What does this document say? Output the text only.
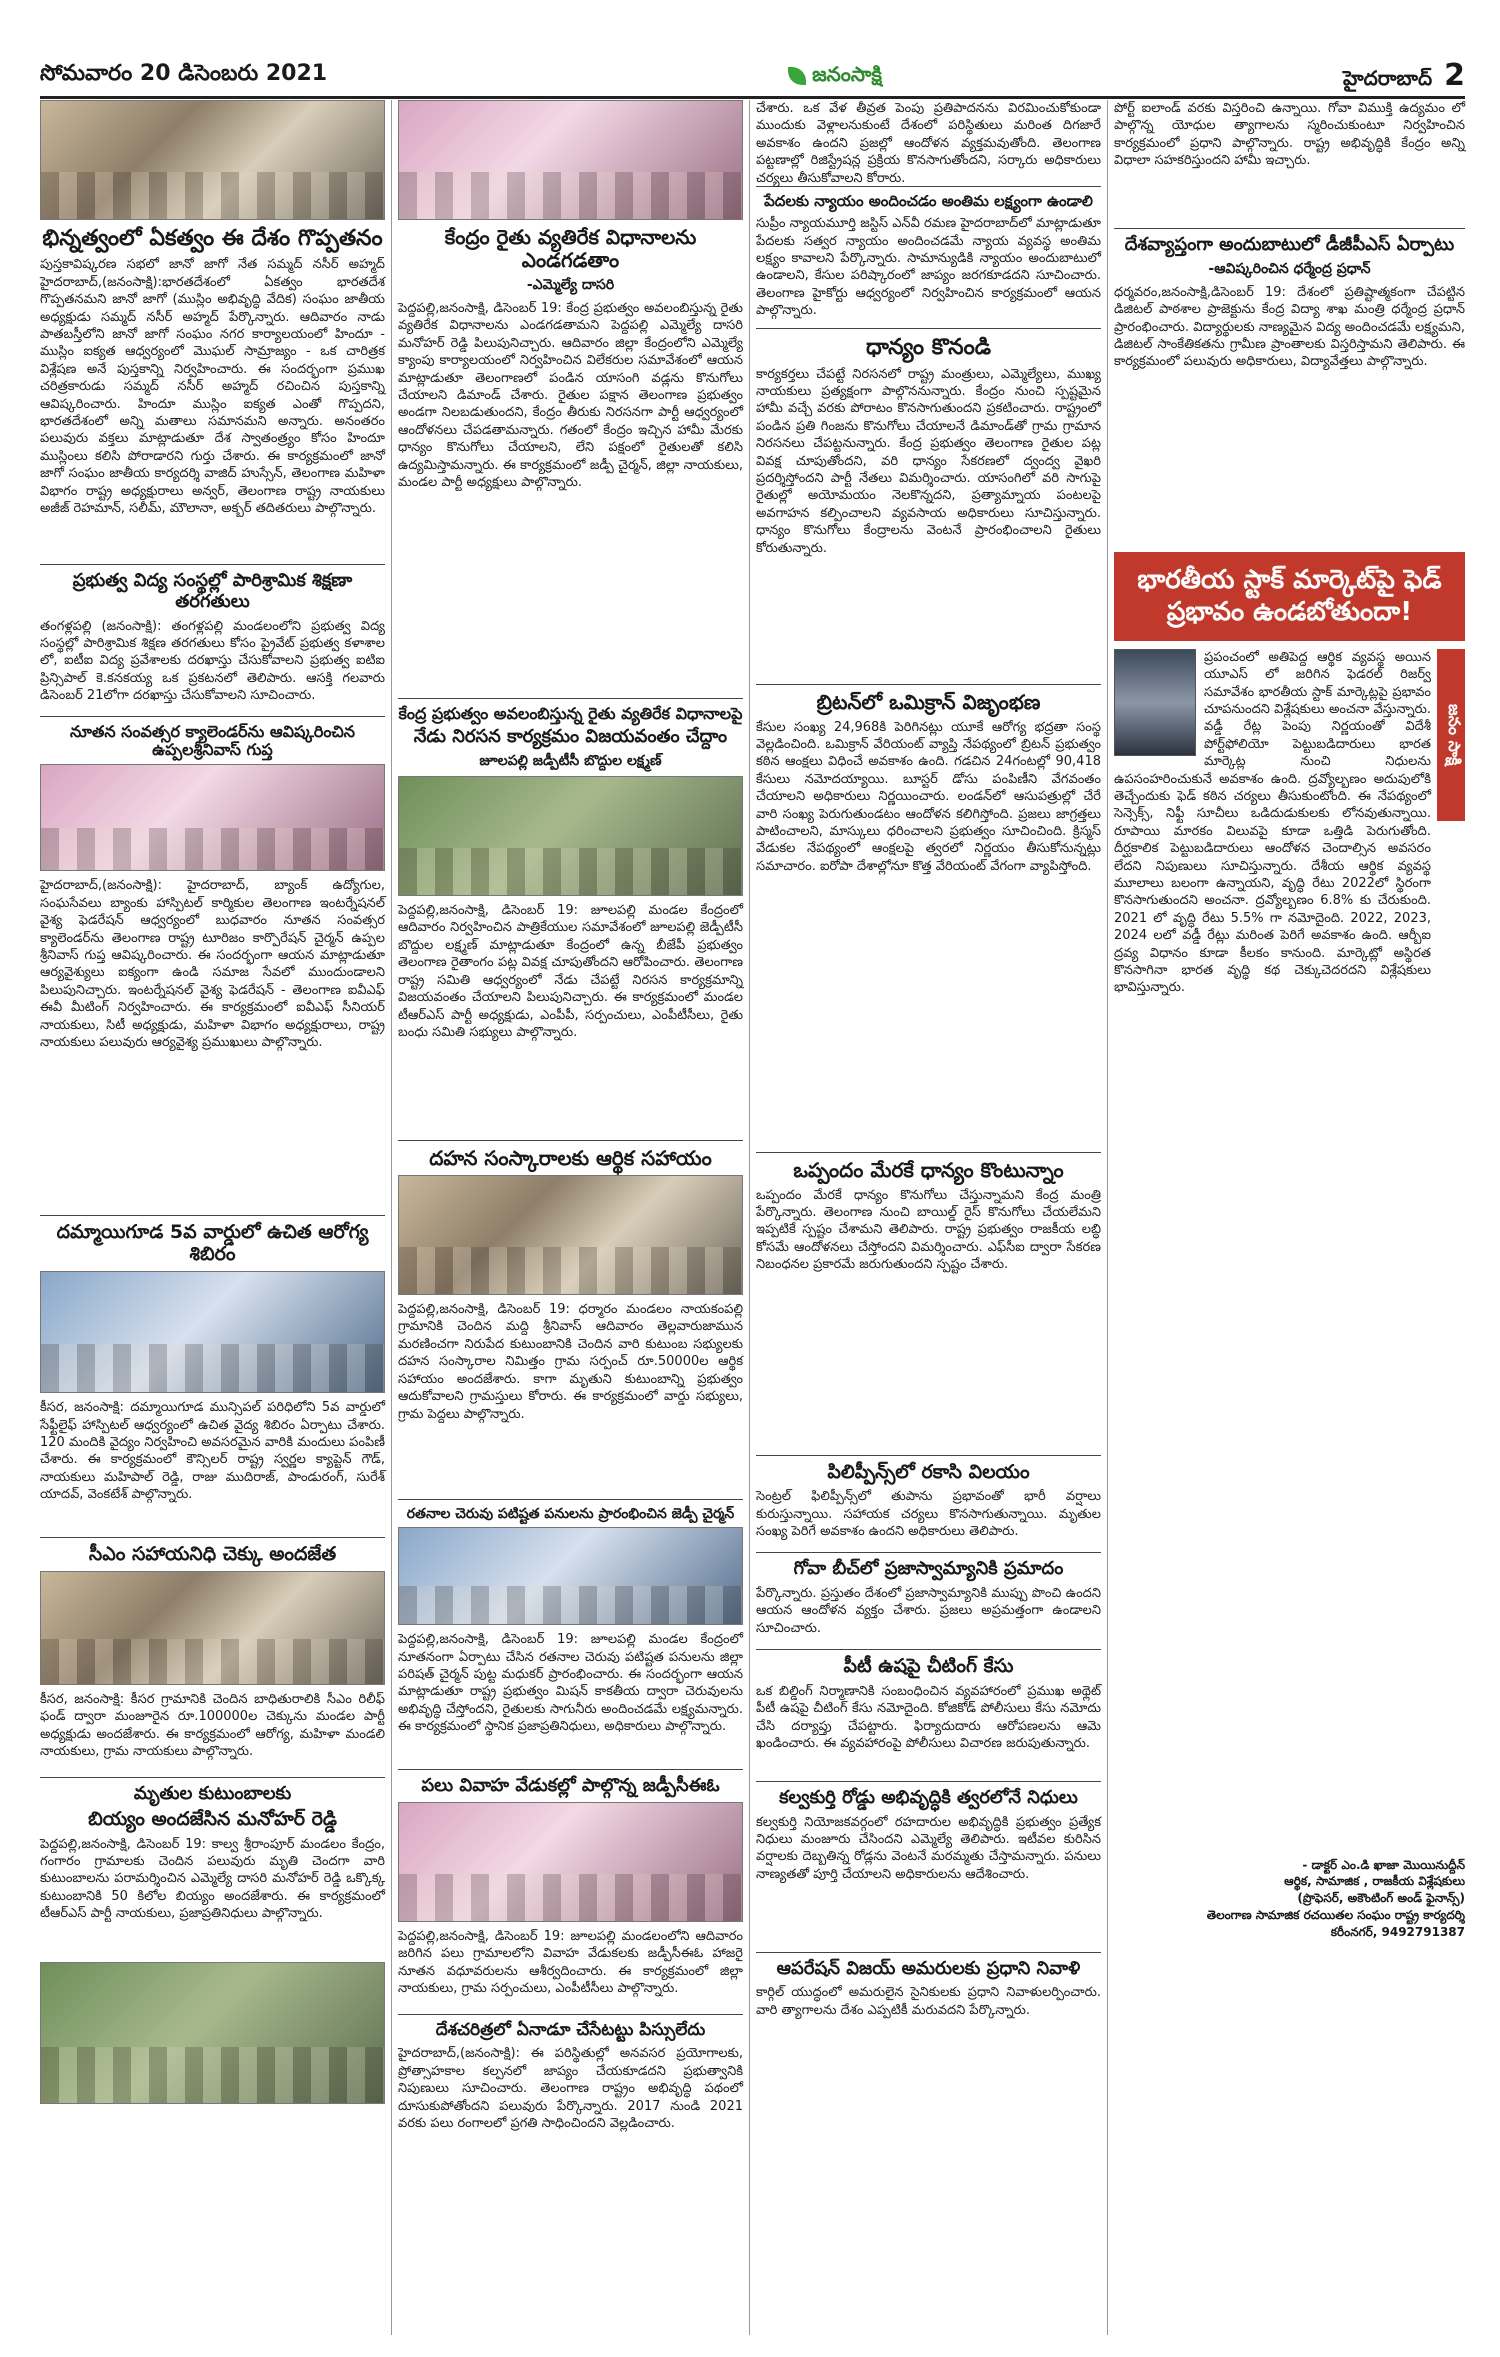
సోమవారం 20 డిసెంబరు 2021	జనంసాక్షి	హైదరాబాద్ 2
భిన్నత్వంలో ఏకత్వం ఈ దేశం గొప్పతనం
పుస్తకావిష్కరణ సభలో జానో జాగో నేత సమ్మద్ నసీర్ అహ్మద్ హైదరాబాద్,(జనంసాక్షి):భారతదేశంలో ఏకత్వం భారతదేశ గొప్పతనమని జానో జాగో (ముస్లిం అభివృద్ధి వేదిక) సంఘం జాతీయ అధ్యక్షుడు సమ్మద్ నసీర్ అహ్మద్ పేర్కొన్నారు. ఆదివారం నాడు పాతబస్తీలోని జానో జాగో సంఘం నగర కార్యాలయంలో హిందూ - ముస్లిం ఐక్యత ఆధ్వర్యంలో మొఘల్ సామ్రాజ్యం - ఒక చారిత్రక విశ్లేషణ అనే పుస్తకాన్ని నిర్వహించారు. ఈ సందర్భంగా ప్రముఖ చరిత్రకారుడు సమ్మద్ నసీర్ అహ్మద్ రచించిన పుస్తకాన్ని ఆవిష్కరించారు. హిందూ ముస్లిం ఐక్యత ఎంతో గొప్పదని, భారతదేశంలో అన్ని మతాలు సమానమని అన్నారు. అనంతరం పలువురు వక్తలు మాట్లాడుతూ దేశ స్వాతంత్ర్యం కోసం హిందూ ముస్లింలు కలిసి పోరాడారని గుర్తు చేశారు. ఈ కార్యక్రమంలో జానో జాగో సంఘం జాతీయ కార్యదర్శి వాజిద్ హుస్సేన్, తెలంగాణ మహిళా విభాగం రాష్ట్ర అధ్యక్షురాలు అన్వర్‌, తెలంగాణ రాష్ట్ర నాయకులు అజీజ్ రెహమాన్, సలీమ్, మౌలానా, అక్బర్ తదితరులు పాల్గొన్నారు.
ప్రభుత్వ విద్య సంస్థల్లో పారిశ్రామిక శిక్షణా తరగతులు
తంగళ్లపల్లి (జనంసాక్షి): తంగళ్లపల్లి మండలంలోని ప్రభుత్వ విద్య సంస్థల్లో పారిశ్రామిక శిక్షణ తరగతులు కోసం ప్రైవేట్ ప్రభుత్వ కళాశాల లో, ఐటీఐ విద్య ప్రవేశాలకు దరఖాస్తు చేసుకోవాలని ప్రభుత్వ ఐటిఐ ప్రిన్సిపాల్ కె.కనకయ్య ఒక ప్రకటనలో తెలిపారు. ఆసక్తి గలవారు డిసెంబర్ 21లోగా దరఖాస్తు చేసుకోవాలని సూచించారు.
నూతన సంవత్సర క్యాలెండర్‌ను ఆవిష్కరించిన ఉప్పలశ్రీనివాస్ గుప్త
హైదరాబాద్,(జనంసాక్షి): హైదరాబాద్, బ్యాంక్ ఉద్యోగుల, సంఘసేవలు బ్యాంకు హాస్పిటల్ కార్మికుల తెలంగాణ ఇంటర్నేషనల్ వైశ్య ఫెడరేషన్ ఆధ్వర్యంలో బుధవారం నూతన సంవత్సర క్యాలెండర్‌ను తెలంగాణ రాష్ట్ర టూరిజం కార్పొరేషన్ చైర్మన్ ఉప్పల శ్రీనివాస్ గుప్త ఆవిష్కరించారు. ఈ సందర్భంగా ఆయన మాట్లాడుతూ ఆర్యవైశ్యులు ఐక్యంగా ఉండి సమాజ సేవలో ముందుండాలని పిలుపునిచ్చారు. ఇంటర్నేషనల్ వైశ్య ఫెడరేషన్ - తెలంగాణ ఐవీఎఫ్ ఈవీ మీటింగ్ నిర్వహించారు. ఈ కార్యక్రమంలో ఐవీఎఫ్ సీనియర్ నాయకులు, సిటీ అధ్యక్షుడు, మహిళా విభాగం అధ్యక్షురాలు, రాష్ట్ర నాయకులు పలువురు ఆర్యవైశ్య ప్రముఖులు పాల్గొన్నారు.
దమ్మాయిగూడ 5వ వార్డులో ఉచిత ఆరోగ్య శిబిరం
కీసర, జనంసాక్షి: దమ్మాయిగూడ మున్సిపల్ పరిధిలోని 5వ వార్డులో సేఫ్టీలైఫ్ హాస్పిటల్ ఆధ్వర్యంలో ఉచిత వైద్య శిబిరం ఏర్పాటు చేశారు. 120 మందికి వైద్యం నిర్వహించి అవసరమైన వారికి మందులు పంపిణీ చేశారు. ఈ కార్యక్రమంలో కౌన్సిలర్ రాష్ట్ర స్వర్ణల క్యాప్టెన్ గౌడ్, నాయకులు మహిపాల్ రెడ్డి, రాజు ముదిరాజ్, పాండురంగ్, సురేశ్ యాదవ్, వెంకటేశ్ పాల్గొన్నారు.
సీఎం సహాయనిధి చెక్కు అందజేత
కీసర, జనంసాక్షి: కీసర గ్రామానికి చెందిన బాధితురాలికి సీఎం రిలీఫ్ ఫండ్ ద్వారా మంజూరైన రూ.100000ల చెక్కును మండల పార్టీ అధ్యక్షుడు అందజేశారు. ఈ కార్యక్రమంలో ఆరోగ్య, మహిళా మండలి నాయకులు, గ్రామ నాయకులు పాల్గొన్నారు.
మృతుల కుటుంబాలకు
బియ్యం అందజేసిన మనోహర్ రెడ్డి
పెద్దపల్లి,జనంసాక్షి, డిసెంబర్ 19: కాల్వ శ్రీరాంపూర్ మండలం కేంద్రం, గంగారం గ్రామాలకు చెందిన పలువురు మృతి చెందగా వారి కుటుంబాలను పరామర్శించిన ఎమ్మెల్యే దాసరి మనోహర్ రెడ్డి ఒక్కొక్క కుటుంబానికి 50 కిలోల బియ్యం అందజేశారు. ఈ కార్యక్రమంలో టీఆర్ఎస్ పార్టీ నాయకులు, ప్రజాప్రతినిధులు పాల్గొన్నారు.
కేంద్రం రైతు వ్యతిరేక విధానాలను ఎండగడతాం
-ఎమ్మెల్యే దాసరి
పెద్దపల్లి,జనంసాక్షి, డిసెంబర్ 19: కేంద్ర ప్రభుత్వం అవలంబిస్తున్న రైతు వ్యతిరేక విధానాలను ఎండగడతామని పెద్దపల్లి ఎమ్మెల్యే దాసరి మనోహర్ రెడ్డి పిలుపునిచ్చారు. ఆదివారం జిల్లా కేంద్రంలోని ఎమ్మెల్యే క్యాంపు కార్యాలయంలో నిర్వహించిన విలేకరుల సమావేశంలో ఆయన మాట్లాడుతూ తెలంగాణలో పండిన యాసంగి వడ్లను కొనుగోలు చేయాలని డిమాండ్ చేశారు. రైతుల పక్షాన తెలంగాణ ప్రభుత్వం అండగా నిలబడుతుందని, కేంద్రం తీరుకు నిరసనగా పార్టీ ఆధ్వర్యంలో ఆందోళనలు చేపడతామన్నారు. గతంలో కేంద్రం ఇచ్చిన హామీ మేరకు ధాన్యం కొనుగోలు చేయాలని, లేని పక్షంలో రైతులతో కలిసి ఉద్యమిస్తామన్నారు. ఈ కార్యక్రమంలో జడ్పీ చైర్మన్, జిల్లా నాయకులు, మండల పార్టీ అధ్యక్షులు పాల్గొన్నారు.
కేంద్ర ప్రభుత్వం అవలంబిస్తున్న రైతు వ్యతిరేక విధానాలపై
నేడు నిరసన కార్యక్రమం విజయవంతం చేద్దాం
జూలపల్లి జడ్పీటీసీ బొద్దుల లక్ష్మణ్
పెద్దపల్లి,జనంసాక్షి, డిసెంబర్ 19: జూలపల్లి మండల కేంద్రంలో ఆదివారం నిర్వహించిన పాత్రికేయుల సమావేశంలో జూలపల్లి జెడ్పీటీసీ బొద్దుల లక్ష్మణ్ మాట్లాడుతూ కేంద్రంలో ఉన్న బీజేపీ ప్రభుత్వం తెలంగాణ రైతాంగం పట్ల వివక్ష చూపుతోందని ఆరోపించారు. తెలంగాణ రాష్ట్ర సమితి ఆధ్వర్యంలో నేడు చేపట్టే నిరసన కార్యక్రమాన్ని విజయవంతం చేయాలని పిలుపునిచ్చారు. ఈ కార్యక్రమంలో మండల టీఆర్ఎస్ పార్టీ అధ్యక్షుడు, ఎంపీపీ, సర్పంచులు, ఎంపీటీసీలు, రైతు బంధు సమితి సభ్యులు పాల్గొన్నారు.
దహన సంస్కారాలకు ఆర్థిక సహాయం
పెద్దపల్లి,జనంసాక్షి, డిసెంబర్ 19: ధర్మారం మండలం నాయకంపల్లి గ్రామానికి చెందిన మద్ది శ్రీనివాస్ ఆదివారం తెల్లవారుజామున మరణించగా నిరుపేద కుటుంబానికి చెందిన వారి కుటుంబ సభ్యులకు దహన సంస్కారాల నిమిత్తం గ్రామ సర్పంచ్ రూ.50000ల ఆర్థిక సహాయం అందజేశారు. కాగా మృతుని కుటుంబాన్ని ప్రభుత్వం ఆదుకోవాలని గ్రామస్తులు కోరారు. ఈ కార్యక్రమంలో వార్డు సభ్యులు, గ్రామ పెద్దలు పాల్గొన్నారు.
రతనాల చెరువు పటిష్టత పనులను ప్రారంభించిన జెడ్పీ చైర్మన్
పెద్దపల్లి,జనంసాక్షి, డిసెంబర్ 19: జూలపల్లి మండల కేంద్రంలో నూతనంగా ఏర్పాటు చేసిన రతనాల చెరువు పటిష్టత పనులను జిల్లా పరిషత్ చైర్మన్ పుట్ట మధుకర్ ప్రారంభించారు. ఈ సందర్భంగా ఆయన మాట్లాడుతూ రాష్ట్ర ప్రభుత్వం మిషన్ కాకతీయ ద్వారా చెరువులను అభివృద్ధి చేస్తోందని, రైతులకు సాగునీరు అందించడమే లక్ష్యమన్నారు. ఈ కార్యక్రమంలో స్థానిక ప్రజాప్రతినిధులు, అధికారులు పాల్గొన్నారు.
పలు వివాహ వేడుకల్లో పాల్గొన్న జడ్పీసీఈఓ
పెద్దపల్లి,జనంసాక్షి, డిసెంబర్ 19: జూలపల్లి మండలంలోని ఆదివారం జరిగిన పలు గ్రామాలలోని వివాహ వేడుకలకు జడ్పీసీఈఓ హాజరై నూతన వధూవరులను ఆశీర్వదించారు. ఈ కార్యక్రమంలో జిల్లా నాయకులు, గ్రామ సర్పంచులు, ఎంపీటీసీలు పాల్గొన్నారు.
దేశచరిత్రలో ఏనాడూ చేసేటట్టు పిస్సులేదు
హైదరాబాద్,(జనంసాక్షి): ఈ పరిస్థితుల్లో అనవసర ప్రయోగాలకు, ప్రోత్సాహకాల కల్పనలో జాప్యం చేయకూడదని ప్రభుత్వానికి నిపుణులు సూచించారు. తెలంగాణ రాష్ట్రం అభివృద్ధి పథంలో దూసుకుపోతోందని పలువురు పేర్కొన్నారు. 2017 నుండి 2021 వరకు పలు రంగాలలో ప్రగతి సాధించిందని వెల్లడించారు.
చేశారు. ఒక వేళ తీవ్రత పెంపు ప్రతిపాదనను విరమించుకోకుండా ముందుకు వెళ్లాలనుకుంటే దేశంలో పరిస్థితులు మరింత దిగజారే అవకాశం ఉందని ప్రజల్లో ఆందోళన వ్యక్తమవుతోంది. తెలంగాణ పట్టణాల్లో రిజిస్ట్రేషన్ల ప్రక్రియ కొనసాగుతోందని, సర్కారు అధికారులు చర్యలు తీసుకోవాలని కోరారు.
పేదలకు న్యాయం అందించడం అంతిమ లక్ష్యంగా ఉండాలి
సుప్రీం న్యాయమూర్తి జస్టిస్ ఎన్‌వీ రమణ హైదరాబాద్‌లో మాట్లాడుతూ పేదలకు సత్వర న్యాయం అందించడమే న్యాయ వ్యవస్థ అంతిమ లక్ష్యం కావాలని పేర్కొన్నారు. సామాన్యుడికి న్యాయం అందుబాటులో ఉండాలని, కేసుల పరిష్కారంలో జాప్యం జరగకూడదని సూచించారు. తెలంగాణ హైకోర్టు ఆధ్వర్యంలో నిర్వహించిన కార్యక్రమంలో ఆయన పాల్గొన్నారు.
ధాన్యం కొనండి
కార్యకర్తలు చేపట్టే నిరసనలో రాష్ట్ర మంత్రులు, ఎమ్మెల్యేలు, ముఖ్య నాయకులు ప్రత్యక్షంగా పాల్గొననున్నారు. కేంద్రం నుంచి స్పష్టమైన హామీ వచ్చే వరకు పోరాటం కొనసాగుతుందని ప్రకటించారు. రాష్ట్రంలో పండిన ప్రతి గింజను కొనుగోలు చేయాలనే డిమాండ్‌తో గ్రామ గ్రామాన నిరసనలు చేపట్టనున్నారు. కేంద్ర ప్రభుత్వం తెలంగాణ రైతుల పట్ల వివక్ష చూపుతోందని, వరి ధాన్యం సేకరణలో ద్వంద్వ వైఖరి ప్రదర్శిస్తోందని పార్టీ నేతలు విమర్శించారు. యాసంగిలో వరి సాగుపై రైతుల్లో అయోమయం నెలకొన్నదని, ప్రత్యామ్నాయ పంటలపై అవగాహన కల్పించాలని వ్యవసాయ అధికారులు సూచిస్తున్నారు. ధాన్యం కొనుగోలు కేంద్రాలను వెంటనే ప్రారంభించాలని రైతులు కోరుతున్నారు.
బ్రిటన్‌లో ఒమిక్రాన్ విజృంభణ
కేసుల సంఖ్య 24,968కి పెరిగినట్లు యూకే ఆరోగ్య భద్రతా సంస్థ వెల్లడించింది. ఒమిక్రాన్ వేరియంట్ వ్యాప్తి నేపథ్యంలో బ్రిటన్ ప్రభుత్వం కఠిన ఆంక్షలు విధించే అవకాశం ఉంది. గడచిన 24గంటల్లో 90,418 కేసులు నమోదయ్యాయి. బూస్టర్ డోసు పంపిణీని వేగవంతం చేయాలని అధికారులు నిర్ణయించారు. లండన్‌లో ఆసుపత్రుల్లో చేరే వారి సంఖ్య పెరుగుతుండటం ఆందోళన కలిగిస్తోంది. ప్రజలు జాగ్రత్తలు పాటించాలని, మాస్కులు ధరించాలని ప్రభుత్వం సూచించింది. క్రిస్మస్ వేడుకల నేపథ్యంలో ఆంక్షలపై త్వరలో నిర్ణయం తీసుకోనున్నట్లు సమాచారం. ఐరోపా దేశాల్లోనూ కొత్త వేరియంట్ వేగంగా వ్యాపిస్తోంది.
ఒప్పందం మేరకే ధాన్యం కొంటున్నాం
ఒప్పందం మేరకే ధాన్యం కొనుగోలు చేస్తున్నామని కేంద్ర మంత్రి పేర్కొన్నారు. తెలంగాణ నుంచి బాయిల్డ్ రైస్ కొనుగోలు చేయలేమని ఇప్పటికే స్పష్టం చేశామని తెలిపారు. రాష్ట్ర ప్రభుత్వం రాజకీయ లబ్ధి కోసమే ఆందోళనలు చేస్తోందని విమర్శించారు. ఎఫ్‌సీఐ ద్వారా సేకరణ నిబంధనల ప్రకారమే జరుగుతుందని స్పష్టం చేశారు.
పిలిప్పీన్స్‌లో రకాసి విలయం
సెంట్రల్ ఫిలిప్పీన్స్‌లో తుపాను ప్రభావంతో భారీ వర్షాలు కురుస్తున్నాయి. సహాయక చర్యలు కొనసాగుతున్నాయి. మృతుల సంఖ్య పెరిగే అవకాశం ఉందని అధికారులు తెలిపారు.
గోవా బీచ్‌లో ప్రజాస్వామ్యానికి ప్రమాదం
పేర్కొన్నారు. ప్రస్తుతం దేశంలో ప్రజాస్వామ్యానికి ముప్పు పొంచి ఉందని ఆయన ఆందోళన వ్యక్తం చేశారు. ప్రజలు అప్రమత్తంగా ఉండాలని సూచించారు.
పీటీ ఉషపై చీటింగ్ కేసు
ఒక బిల్డింగ్ నిర్మాణానికి సంబంధించిన వ్యవహారంలో ప్రముఖ అథ్లెట్ పీటీ ఉషపై చీటింగ్ కేసు నమోదైంది. కోజికోడ్ పోలీసులు కేసు నమోదు చేసి దర్యాప్తు చేపట్టారు. ఫిర్యాదుదారు ఆరోపణలను ఆమె ఖండించారు. ఈ వ్యవహారంపై పోలీసులు విచారణ జరుపుతున్నారు.
కల్వకుర్తి రోడ్డు అభివృద్ధికి త్వరలోనే నిధులు
కల్వకుర్తి నియోజకవర్గంలో రహదారుల అభివృద్ధికి ప్రభుత్వం ప్రత్యేక నిధులు మంజూరు చేసిందని ఎమ్మెల్యే తెలిపారు. ఇటీవల కురిసిన వర్షాలకు దెబ్బతిన్న రోడ్లను వెంటనే మరమ్మతు చేస్తామన్నారు. పనులు నాణ్యతతో పూర్తి చేయాలని అధికారులను ఆదేశించారు.
ఆపరేషన్ విజయ్ అమరులకు ప్రధాని నివాళి
కార్గిల్ యుద్ధంలో అమరులైన సైనికులకు ప్రధాని నివాళులర్పించారు. వారి త్యాగాలను దేశం ఎప్పటికీ మరువదని పేర్కొన్నారు.
పోర్ట్ ఐలాండ్ వరకు విస్తరించి ఉన్నాయి. గోవా విముక్తి ఉద్యమం లో పాల్గొన్న యోధుల త్యాగాలను స్మరించుకుంటూ నిర్వహించిన కార్యక్రమంలో ప్రధాని పాల్గొన్నారు. రాష్ట్ర అభివృద్ధికి కేంద్రం అన్ని విధాలా సహకరిస్తుందని హామీ ఇచ్చారు.
దేశవ్యాప్తంగా అందుబాటులో డీజీపీఎస్‌ ఏర్పాటు
-ఆవిష్కరించిన ధర్మేంద్ర ప్రధాన్
ధర్మవరం,జనంసాక్షి,డిసెంబర్ 19: దేశంలో ప్రతిష్టాత్మకంగా చేపట్టిన డిజిటల్ పాఠశాల ప్రాజెక్టును కేంద్ర విద్యా శాఖ మంత్రి ధర్మేంద్ర ప్రధాన్ ప్రారంభించారు. విద్యార్థులకు నాణ్యమైన విద్య అందించడమే లక్ష్యమని, డిజిటల్ సాంకేతికతను గ్రామీణ ప్రాంతాలకు విస్తరిస్తామని తెలిపారు. ఈ కార్యక్రమంలో పలువురు అధికారులు, విద్యావేత్తలు పాల్గొన్నారు.
భారతీయ స్టాక్ మార్కెట్‌పై ఫెడ్ ప్రభావం ఉండబోతుందా!
జనం సాక్షి
ప్రపంచంలో అతిపెద్ద ఆర్థిక వ్యవస్థ అయిన యూఎస్ లో జరిగిన ఫెడరల్ రిజర్వ్ సమావేశం భారతీయ స్టాక్ మార్కెట్లపై ప్రభావం చూపనుందని విశ్లేషకులు అంచనా వేస్తున్నారు. వడ్డీ రేట్ల పెంపు నిర్ణయంతో విదేశీ పోర్ట్‌ఫోలియో పెట్టుబడిదారులు భారత మార్కెట్ల నుంచి నిధులను ఉపసంహరించుకునే అవకాశం ఉంది. ద్రవ్యోల్బణం అదుపులోకి తెచ్చేందుకు ఫెడ్ కఠిన చర్యలు తీసుకుంటోంది. ఈ నేపథ్యంలో సెన్సెక్స్, నిఫ్టీ సూచీలు ఒడిదుడుకులకు లోనవుతున్నాయి. రూపాయి మారకం విలువపై కూడా ఒత్తిడి పెరుగుతోంది. దీర్ఘకాలిక పెట్టుబడిదారులు ఆందోళన చెందాల్సిన అవసరం లేదని నిపుణులు సూచిస్తున్నారు. దేశీయ ఆర్థిక వ్యవస్థ మూలాలు బలంగా ఉన్నాయని, వృద్ధి రేటు 2022లో స్థిరంగా కొనసాగుతుందని అంచనా. ద్రవ్యోల్బణం 6.8% కు చేరుకుంది. 2021 లో వృద్ధి రేటు 5.5% గా నమోదైంది. 2022, 2023, 2024 లలో వడ్డీ రేట్లు మరింత పెరిగే అవకాశం ఉంది. ఆర్బీఐ ద్రవ్య విధానం కూడా కీలకం కానుంది. మార్కెట్లో అస్థిరత కొనసాగినా భారత వృద్ధి కథ చెక్కుచెదరదని విశ్లేషకులు భావిస్తున్నారు.
- డాక్టర్ ఎం.డి ఖాజా మొయినుద్దీన్
ఆర్థిక, సామాజిక , రాజకీయ విశ్లేషకులు
(ప్రొఫెసర్, అకౌంటింగ్ అండ్ ఫైనాన్స్)
తెలంగాణ సామాజిక రచయితల సంఘం రాష్ట్ర కార్యదర్శి
కరీంనగర్, 9492791387
